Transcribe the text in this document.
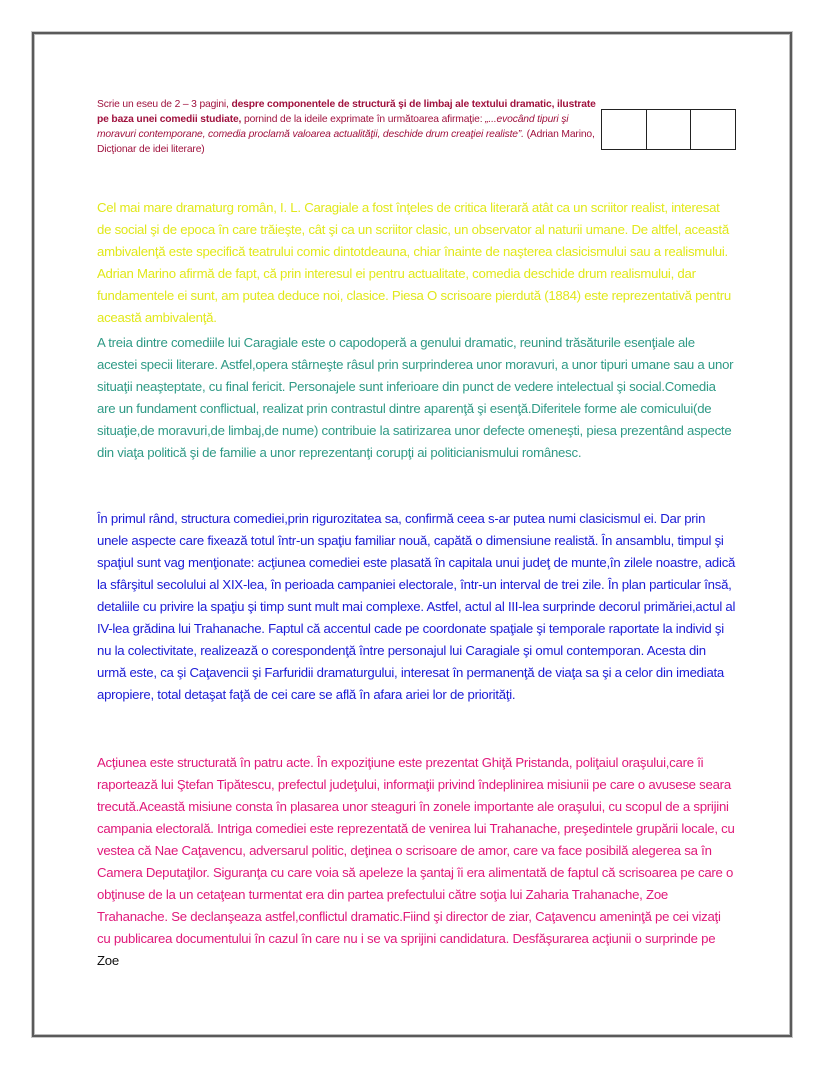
Scrie un eseu de 2 – 3 pagini, despre componentele de structură şi de limbaj ale textului dramatic, ilustrate pe baza unei comedii studiate, pornind de la ideile exprimate în următoarea afirmaţie: „...evocând tipuri şi moravuri contemporane, comedia proclamă valoarea actualităţii, deschide drum creaţiei realiste”. (Adrian Marino, Dicţionar de idei literare)

Cel mai mare dramaturg român, I. L. Caragiale a fost înţeles de critica literară atât ca un scriitor realist, interesat de social şi de epoca în care trăieşte, cât şi ca un scriitor clasic, un observator al naturii umane. De altfel, această ambivalenţă este specifică teatrului comic dintotdeauna, chiar înainte de naşterea clasicismului sau a realismului. Adrian Marino afirmă de fapt, că prin interesul ei pentru actualitate, comedia deschide drum realismului, dar fundamentele ei sunt, am putea deduce noi, clasice. Piesa O scrisoare pierdută (1884) este reprezentativă pentru această ambivalenţă.

A treia dintre comediile lui Caragiale este o capodoperă a genului dramatic, reunind trăsăturile esenţiale ale acestei specii literare. Astfel,opera stârneşte râsul prin surprinderea unor moravuri, a unor tipuri umane sau a unor situaţii neaşteptate, cu final fericit. Personajele sunt inferioare din punct de vedere intelectual şi social.Comedia are un fundament conflictual, realizat prin contrastul dintre aparenţă şi esenţă.Diferitele forme ale comicului(de situaţie,de moravuri,de limbaj,de nume) contribuie la satirizarea unor defecte omeneşti, piesa prezentând aspecte din viaţa politică şi de familie a unor reprezentanţi corupţi ai politicianismului românesc.

În primul rând, structura comediei,prin rigurozitatea sa, confirmă ceea s-ar putea numi clasicismul ei. Dar prin unele aspecte care fixează totul într-un spaţiu familiar nouă, capătă o dimensiune realistă. În ansamblu, timpul şi spaţiul sunt vag menţionate: acţiunea comediei este plasată în capitala unui judeţ de munte,în zilele noastre, adică la sfârşitul secolului al XIX-lea, în perioada campaniei electorale, într-un interval de trei zile. În plan particular însă, detaliile cu privire la spaţiu şi timp sunt mult mai complexe. Astfel, actul al III-lea surprinde decorul primăriei,actul al IV-lea grădina lui Trahanache. Faptul că accentul cade pe coordonate spaţiale şi temporale raportate la individ şi nu la colectivitate, realizează o corespondenţă între personajul lui Caragiale şi omul contemporan. Acesta din urmă este, ca şi Caţavencii şi Farfuridii dramaturgului, interesat în permanenţă de viaţa sa şi a celor din imediata apropiere, total detaşat faţă de cei care se află în afara ariei lor de priorităţi.

Acţiunea este structurată în patru acte. În expoziţiune este prezentat Ghiţă Pristanda, poliţaiul oraşului,care îi raportează lui Ştefan Tipătescu, prefectul judeţului, informaţii privind îndeplinirea misiunii pe care o avusese seara trecută.Această misiune consta în plasarea unor steaguri în zonele importante ale oraşului, cu scopul de a sprijini campania electorală. Intriga comediei este reprezentată de venirea lui Trahanache, preşedintele grupării locale, cu vestea că Nae Caţavencu, adversarul politic, deţinea o scrisoare de amor, care va face posibilă alegerea sa în Camera Deputaţilor. Siguranţa cu care voia să apeleze la şantaj îi era alimentată de faptul că scrisoarea pe care o obţinuse de la un cetaţean turmentat era din partea prefectului către soţia lui Zaharia Trahanache, Zoe Trahanache. Se declanşeaza astfel,conflictul dramatic.Fiind şi director de ziar, Caţavencu ameninţă pe cei vizaţi cu publicarea documentului în cazul în care nu i se va sprijini candidatura. Desfăşurarea acţiunii o surprinde pe Zoe
